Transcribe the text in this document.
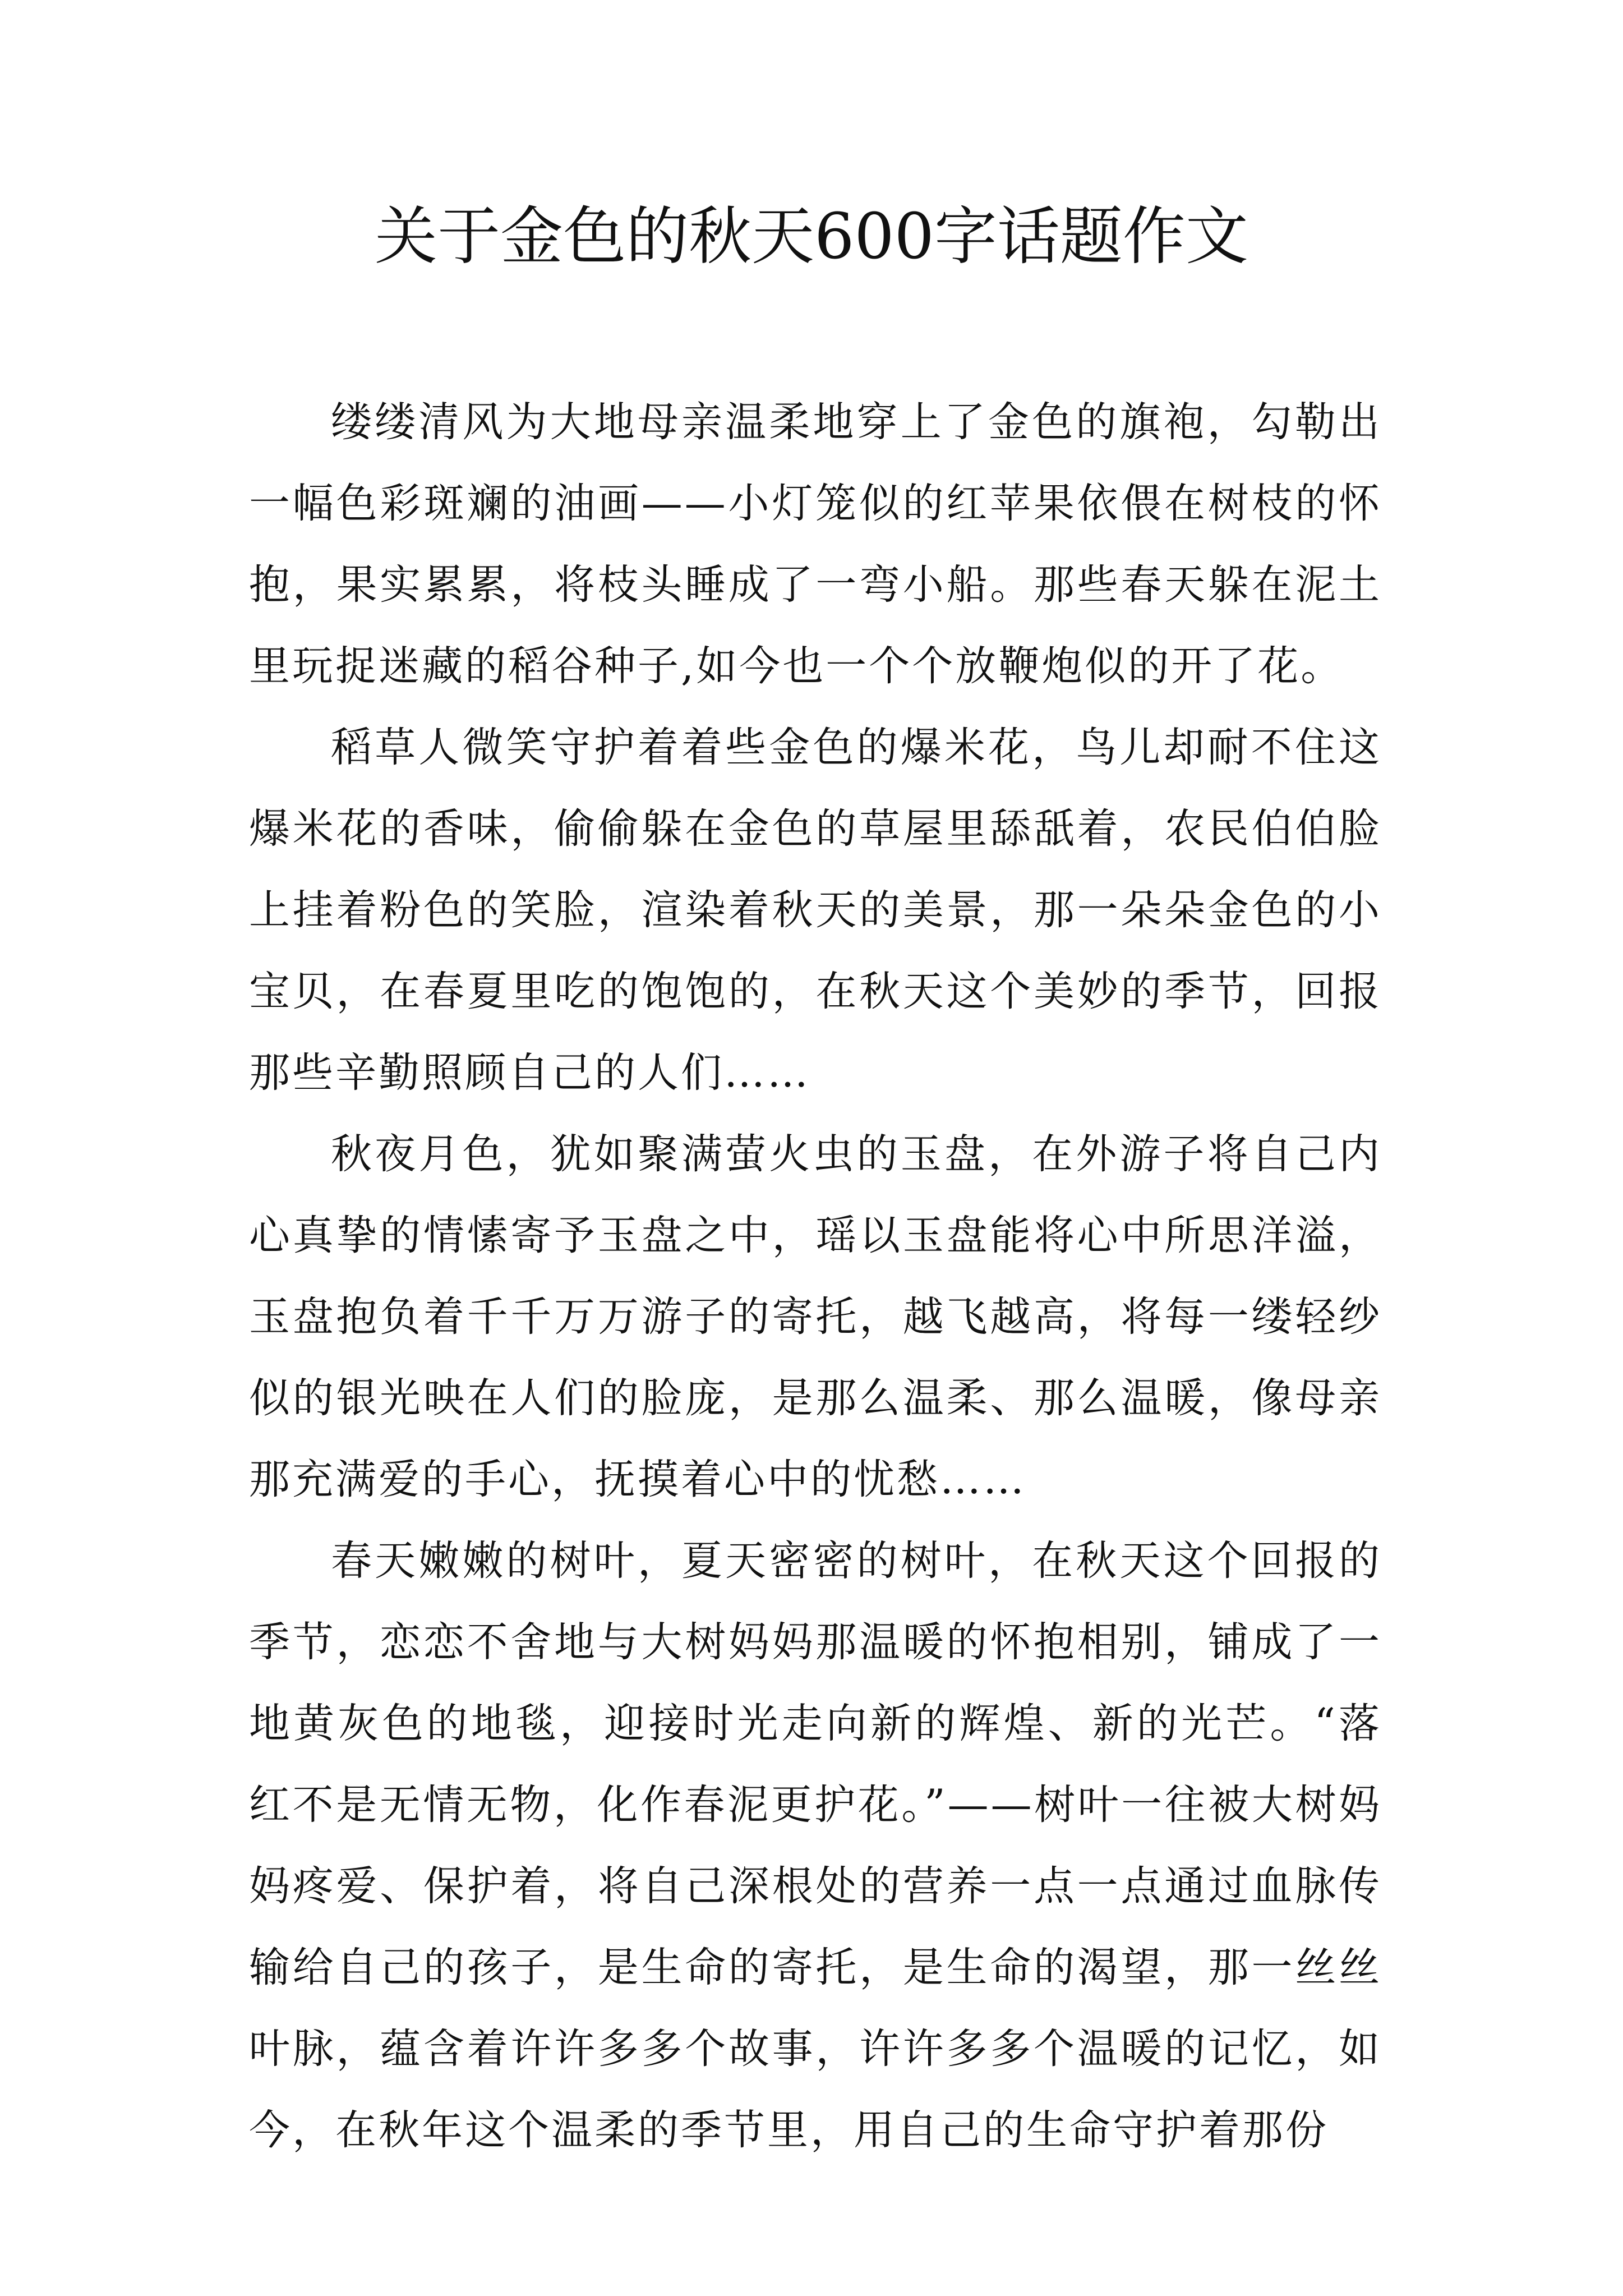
关于金色的秋天600字话题作文

缕缕清风为大地母亲温柔地穿上了金色的旗袍，勾勒出一幅色彩斑斓的油画——小灯笼似的红苹果依偎在树枝的怀抱，果实累累，将枝头睡成了一弯小船。那些春天躲在泥土里玩捉迷藏的稻谷种子,如今也一个个放鞭炮似的开了花。

稻草人微笑守护着着些金色的爆米花，鸟儿却耐不住这爆米花的香味，偷偷躲在金色的草屋里舔舐着，农民伯伯脸上挂着粉色的笑脸，渲染着秋天的美景，那一朵朵金色的小宝贝，在春夏里吃的饱饱的，在秋天这个美妙的季节，回报那些辛勤照顾自己的人们……

秋夜月色，犹如聚满萤火虫的玉盘，在外游子将自己内心真挚的情愫寄予玉盘之中，瑶以玉盘能将心中所思洋溢，玉盘抱负着千千万万游子的寄托，越飞越高，将每一缕轻纱似的银光映在人们的脸庞，是那么温柔、那么温暖，像母亲那充满爱的手心，抚摸着心中的忧愁……

春天嫩嫩的树叶，夏天密密的树叶，在秋天这个回报的季节，恋恋不舍地与大树妈妈那温暖的怀抱相别，铺成了一地黄灰色的地毯，迎接时光走向新的辉煌、新的光芒。“落红不是无情无物，化作春泥更护花。”——树叶一往被大树妈妈疼爱、保护着，将自己深根处的营养一点一点通过血脉传输给自己的孩子，是生命的寄托，是生命的渴望，那一丝丝叶脉，蕴含着许许多多个故事，许许多多个温暖的记忆，如今，在秋年这个温柔的季节里，用自己的生命守护着那份
